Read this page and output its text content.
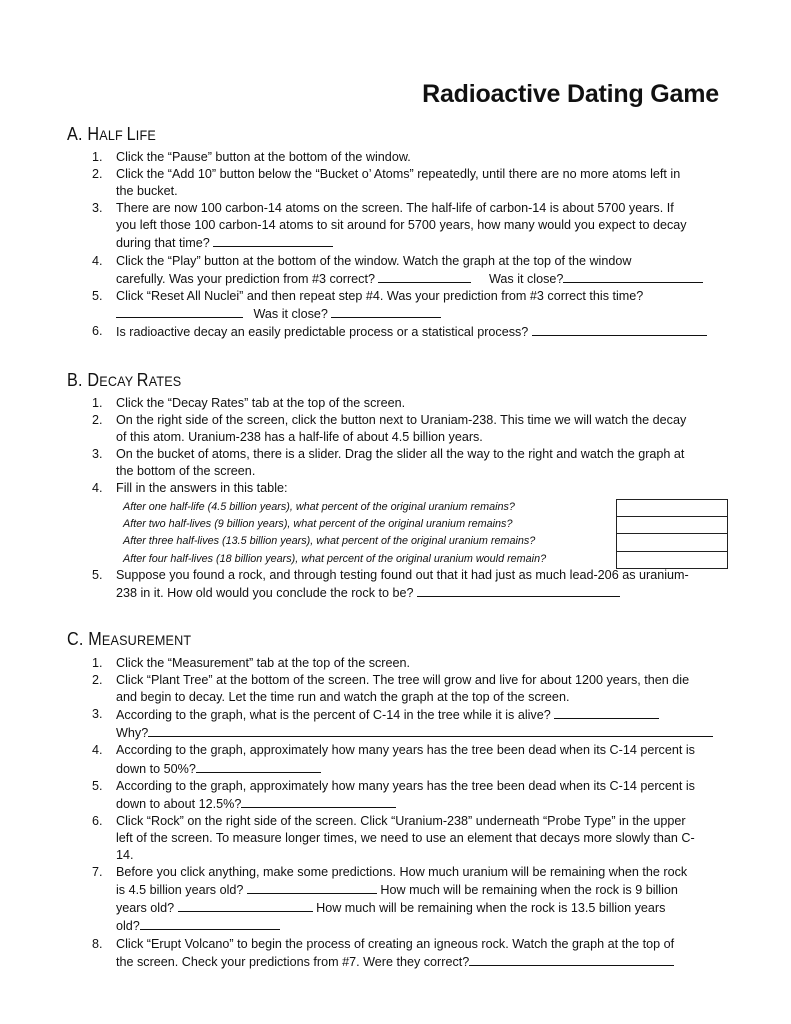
Radioactive Dating Game
A. HALF LIFE
1. Click the “Pause” button at the bottom of the window.
2. Click the “Add 10” button below the “Bucket o’ Atoms” repeatedly, until there are no more atoms left in
the bucket.
3. There are now 100 carbon-14 atoms on the screen. The half-life of carbon-14 is about 5700 years. If
you left those 100 carbon-14 atoms to sit around for 5700 years, how many would you expect to decay
during that time?
4. Click the “Play” button at the bottom of the window. Watch the graph at the top of the window
carefully. Was your prediction from #3 correct?	Was it close?
5. Click “Reset All Nuclei” and then repeat step #4. Was your prediction from #3 correct this time?
Was it close?
6. Is radioactive decay an easily predictable process or a statistical process?
B. DECAY RATES
1. Click the “Decay Rates” tab at the top of the screen.
2. On the right side of the screen, click the button next to Uraniam-238. This time we will watch the decay
of this atom. Uranium-238 has a half-life of about 4.5 billion years.
3. On the bucket of atoms, there is a slider. Drag the slider all the way to the right and watch the graph at
the bottom of the screen.
4. Fill in the answers in this table:
After one half-life (4.5 billion years), what percent of the original uranium remains?
After two half-lives (9 billion years), what percent of the original uranium remains?
After three half-lives (13.5 billion years), what percent of the original uranium remains?
After four half-lives (18 billion years), what percent of the original uranium would remain?
5. Suppose you found a rock, and through testing found out that it had just as much lead-206 as uranium-
238 in it. How old would you conclude the rock to be?
C. MEASUREMENT
1. Click the “Measurement” tab at the top of the screen.
2. Click “Plant Tree” at the bottom of the screen. The tree will grow and live for about 1200 years, then die
and begin to decay. Let the time run and watch the graph at the top of the screen.
3. According to the graph, what is the percent of C-14 in the tree while it is alive?
Why?
4. According to the graph, approximately how many years has the tree been dead when its C-14 percent is
down to 50%?
5. According to the graph, approximately how many years has the tree been dead when its C-14 percent is
down to about 12.5%?
6. Click “Rock” on the right side of the screen. Click “Uranium-238” underneath “Probe Type” in the upper
left of the screen. To measure longer times, we need to use an element that decays more slowly than C-
14.
7. Before you click anything, make some predictions. How much uranium will be remaining when the rock
is 4.5 billion years old?	How much will be remaining when the rock is 9 billion
years old?	How much will be remaining when the rock is 13.5 billion years
old?
8. Click “Erupt Volcano” to begin the process of creating an igneous rock. Watch the graph at the top of
the screen. Check your predictions from #7. Were they correct?
